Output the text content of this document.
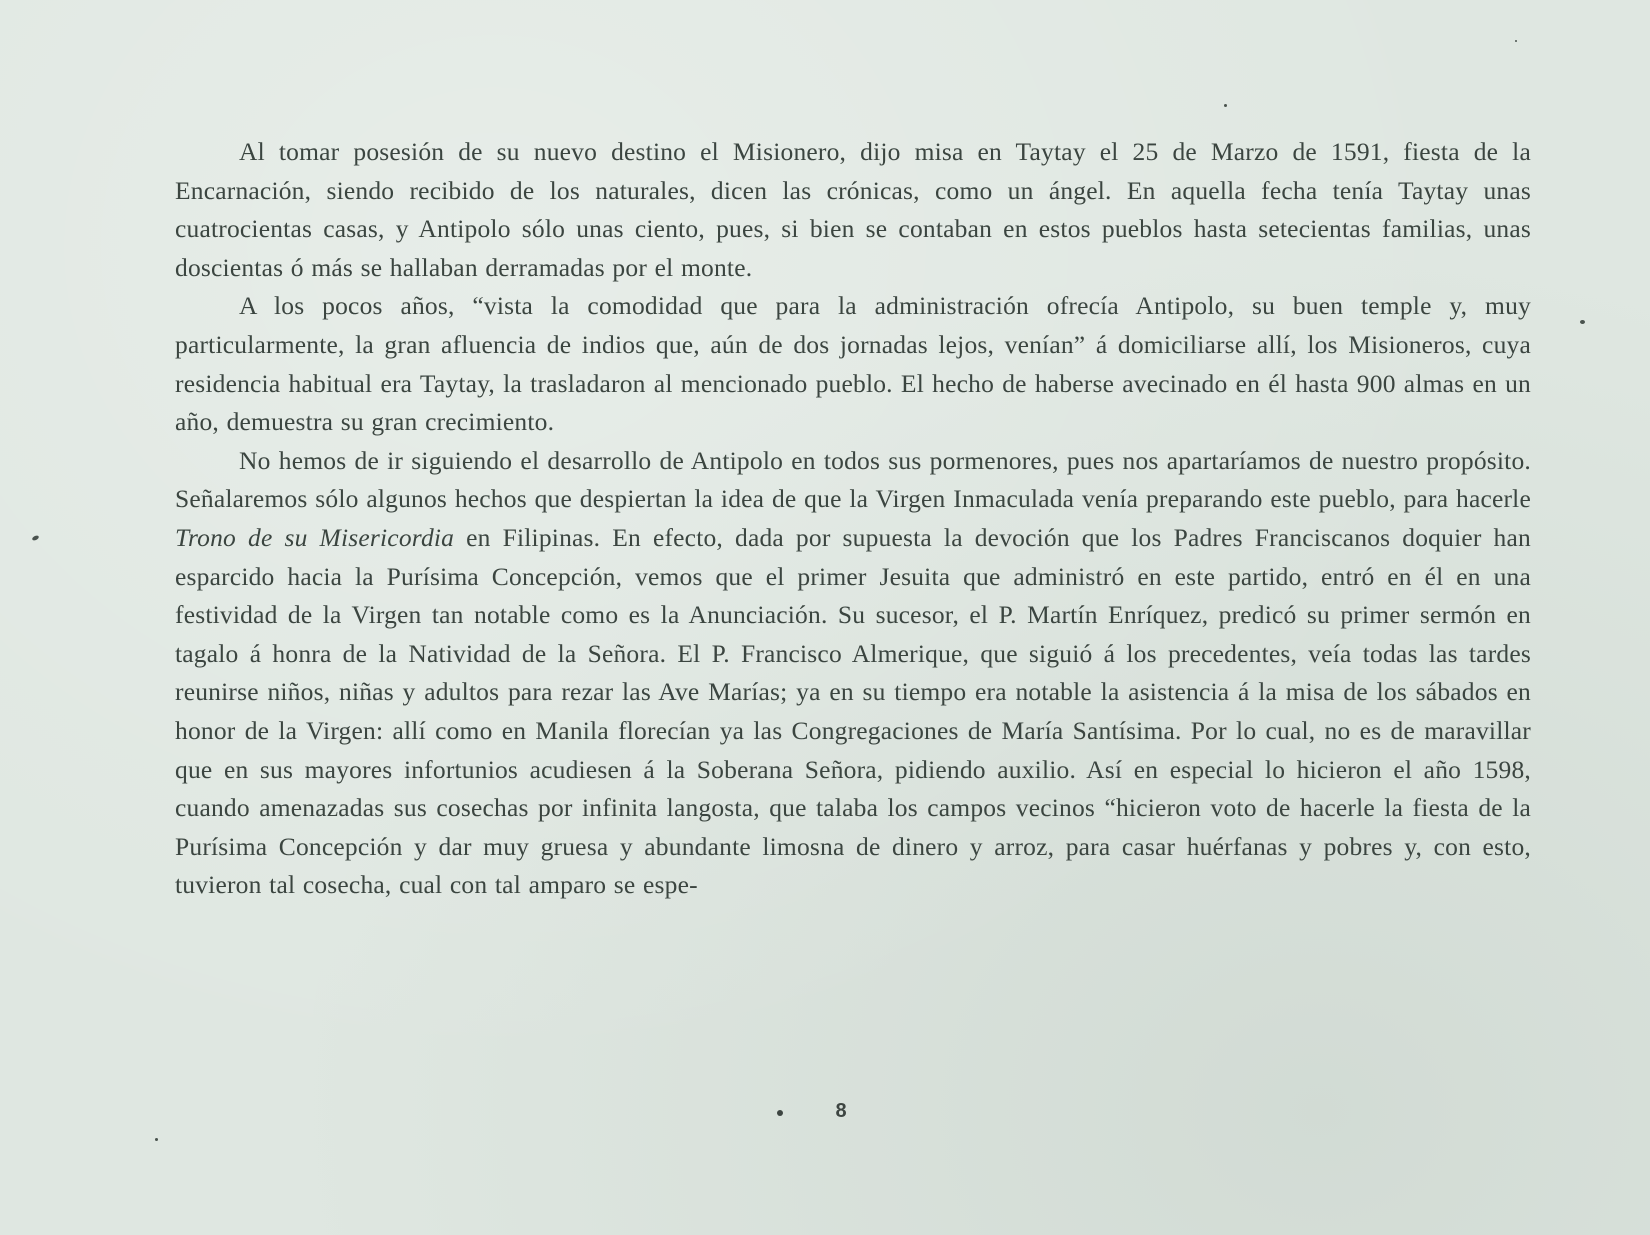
Al tomar posesión de su nuevo destino el Misionero, dijo misa en Taytay el 25 de Marzo de 1591, fiesta de la Encarnación, siendo recibido de los naturales, dicen las crónicas, como un ángel. En aquella fecha tenía Taytay unas cuatrocientas casas, y Antipolo sólo unas ciento, pues, si bien se contaban en estos pueblos hasta setecientas familias, unas doscientas ó más se hallaban derramadas por el monte.

A los pocos años, “vista la comodidad que para la administración ofrecía Antipolo, su buen temple y, muy particularmente, la gran afluencia de indios que, aún de dos jornadas lejos, venían” á domiciliarse allí, los Misioneros, cuya residencia habitual era Taytay, la trasladaron al mencionado pueblo. El hecho de haberse avecinado en él hasta 900 almas en un año, demuestra su gran crecimiento.

No hemos de ir siguiendo el desarrollo de Antipolo en todos sus pormenores, pues nos apartaríamos de nuestro propósito. Señalaremos sólo algunos hechos que despiertan la idea de que la Virgen Inmaculada venía preparando este pueblo, para hacerle Trono de su Misericordia en Filipinas. En efecto, dada por supuesta la devoción que los Padres Franciscanos doquier han esparcido hacia la Purísima Concepción, vemos que el primer Jesuita que administró en este partido, entró en él en una festividad de la Virgen tan notable como es la Anunciación. Su sucesor, el P. Martín Enríquez, predicó su primer sermón en tagalo á honra de la Natividad de la Señora. El P. Francisco Almerique, que siguió á los precedentes, veía todas las tardes reunirse niños, niñas y adultos para rezar las Ave Marías; ya en su tiempo era notable la asistencia á la misa de los sábados en honor de la Virgen: allí como en Manila florecían ya las Congregaciones de María Santísima. Por lo cual, no es de maravillar que en sus mayores infortunios acudiesen á la Soberana Señora, pidiendo auxilio. Así en especial lo hicieron el año 1598, cuando amenazadas sus cosechas por infinita langosta, que talaba los campos vecinos “hicieron voto de hacerle la fiesta de la Purísima Concepción y dar muy gruesa y abundante limosna de dinero y arroz, para casar huérfanas y pobres y, con esto, tuvieron tal cosecha, cual con tal amparo se espe-

8
